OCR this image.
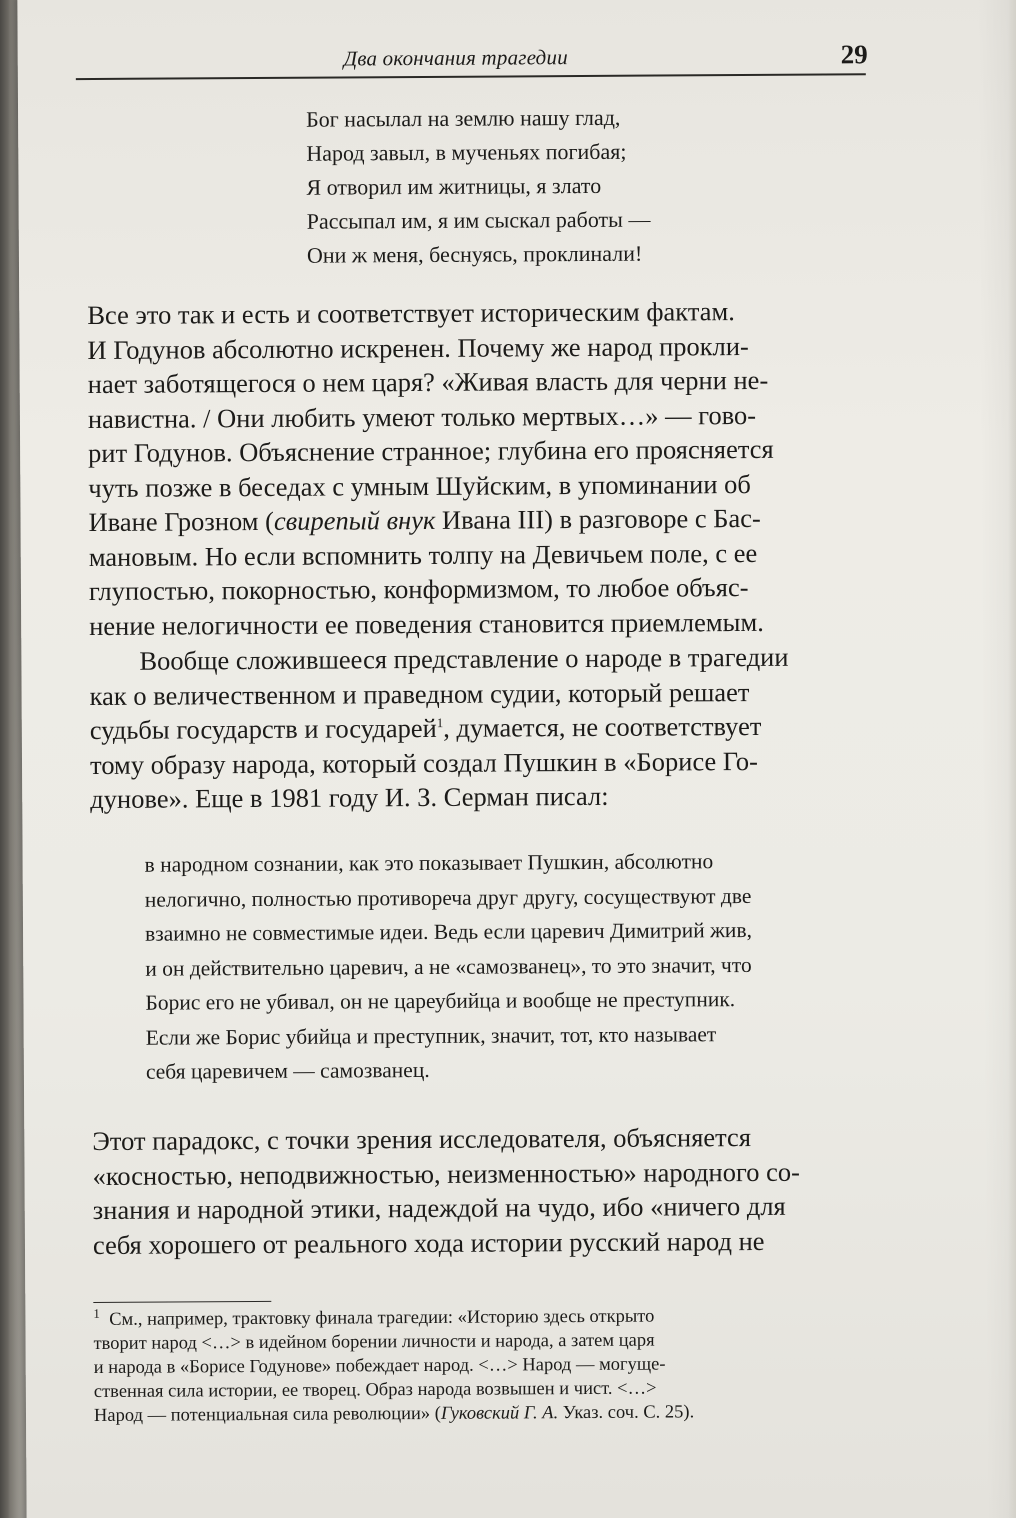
Два окончания трагедии	29
Бог насылал на землю нашу глад,
Народ завыл, в мученьях погибая;
Я отворил им житницы, я злато
Рассыпал им, я им сыскал работы —
Они ж меня, беснуясь, проклинали!
Все это так и есть и соответствует историческим фактам.
И Годунов абсолютно искренен. Почему же народ прокли-
нает заботящегося о нем царя? «Живая власть для черни не-
навистна. / Они любить умеют только мертвых…» — гово-
рит Годунов. Объяснение странное; глубина его проясняется
чуть позже в беседах с умным Шуйским, в упоминании об
Иване Грозном (свирепый внук Ивана III) в разговоре с Бас-
мановым. Но если вспомнить толпу на Девичьем поле, с ее
глупостью, покорностью, конформизмом, то любое объяс-
нение нелогичности ее поведения становится приемлемым.
Вообще сложившееся представление о народе в трагедии
как о величественном и праведном судии, который решает
судьбы государств и государей$^1$, думается, не соответствует
тому образу народа, который создал Пушкин в «Борисе Го-
дунове». Еще в 1981 году И. З. Серман писал:
в народном сознании, как это показывает Пушкин, абсолютно
нелогично, полностью противореча друг другу, сосуществуют две
взаимно не совместимые идеи. Ведь если царевич Димитрий жив,
и он действительно царевич, а не «самозванец», то это значит, что
Борис его не убивал, он не цареубийца и вообще не преступник.
Если же Борис убийца и преступник, значит, тот, кто называет
себя царевичем — самозванец.
Этот парадокс, с точки зрения исследователя, объясняется
«косностью, неподвижностью, неизменностью» народного со-
знания и народной этики, надеждой на чудо, ибо «ничего для
себя хорошего от реального хода истории русский народ не
$^1$ См., например, трактовку финала трагедии: «Историю здесь открыто
творит народ <…> в идейном борении личности и народа, а затем царя
и народа в «Борисе Годунове» побеждает народ. <…> Народ — могуще-
ственная сила истории, ее творец. Образ народа возвышен и чист. <…>
Народ — потенциальная сила революции» (Гуковский Г. А. Указ. соч. С. 25).
